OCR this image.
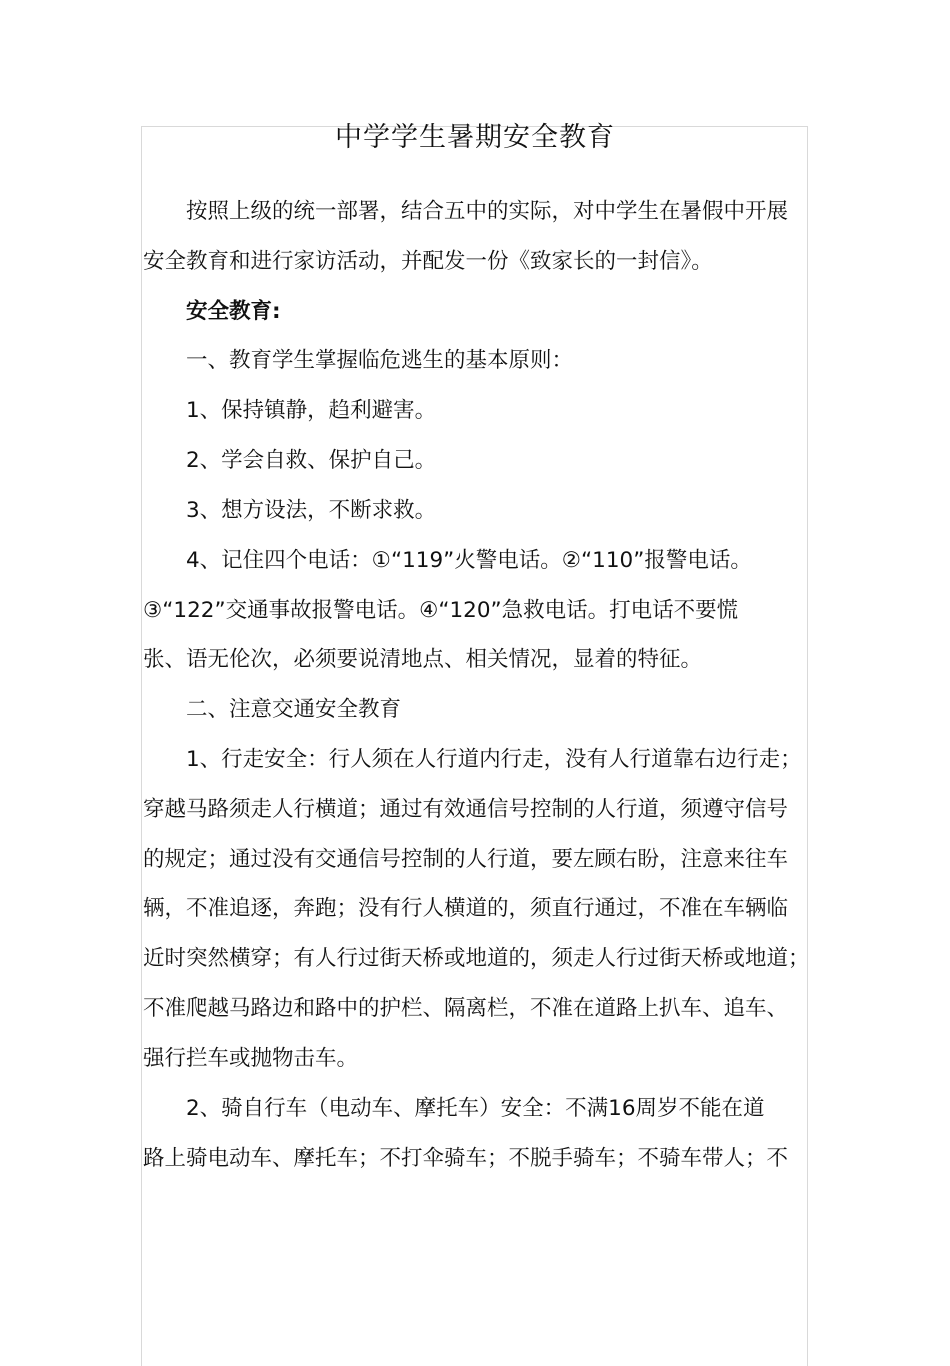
中学学生暑期安全教育
按照上级的统一部署，结合五中的实际，对中学生在暑假中开展
安全教育和进行家访活动，并配发一份《致家长的一封信》。
安全教育:
一、教育学生掌握临危逃生的基本原则：
1、保持镇静，趋利避害。
2、学会自救、保护自己。
3、想方设法，不断求救。
4、记住四个电话：①“119”火警电话。②“110”报警电话。
③“122”交通事故报警电话。④“120”急救电话。打电话不要慌
张、语无伦次，必须要说清地点、相关情况，显着的特征。
二、注意交通安全教育
1、行走安全：行人须在人行道内行走，没有人行道靠右边行走；
穿越马路须走人行横道；通过有效通信号控制的人行道，须遵守信号
的规定；通过没有交通信号控制的人行道，要左顾右盼，注意来往车
辆，不准追逐，奔跑；没有行人横道的，须直行通过，不准在车辆临
近时突然横穿；有人行过街天桥或地道的，须走人行过街天桥或地道；
不准爬越马路边和路中的护栏、隔离栏，不准在道路上扒车、追车、
强行拦车或抛物击车。
2、骑自行车（电动车、摩托车）安全：不满16周岁不能在道
路上骑电动车、摩托车；不打伞骑车；不脱手骑车；不骑车带人；不
